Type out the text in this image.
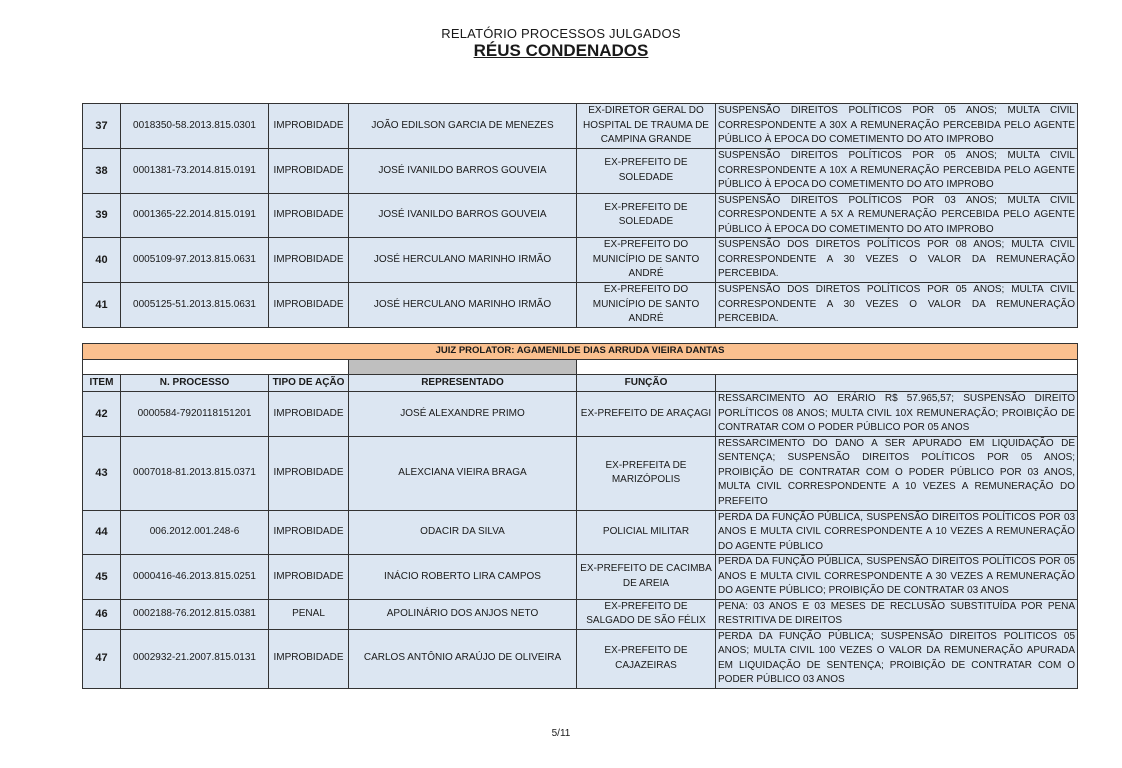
RELATÓRIO PROCESSOS JULGADOS
RÉUS CONDENADOS
37	0018350-58.2013.815.0301	IMPROBIDADE	JOÃO EDILSON GARCIA DE MENEZES	EX-DIRETOR GERAL DO HOSPITAL DE TRAUMA DE CAMPINA GRANDE	SUSPENSÃO DIREITOS POLÍTICOS POR 05 ANOS; MULTA CIVIL CORRESPONDENTE A 30X A REMUNERAÇÃO PERCEBIDA PELO AGENTE PÚBLICO À EPOCA DO COMETIMENTO DO ATO IMPROBO
38	0001381-73.2014.815.0191	IMPROBIDADE	JOSÉ IVANILDO BARROS GOUVEIA	EX-PREFEITO DE SOLEDADE	SUSPENSÃO DIREITOS POLÍTICOS POR 05 ANOS; MULTA CIVIL CORRESPONDENTE A 10X A REMUNERAÇÃO PERCEBIDA PELO AGENTE PÚBLICO À EPOCA DO COMETIMENTO DO ATO IMPROBO
39	0001365-22.2014.815.0191	IMPROBIDADE	JOSÉ IVANILDO BARROS GOUVEIA	EX-PREFEITO DE SOLEDADE	SUSPENSÃO DIREITOS POLÍTICOS POR 03 ANOS; MULTA CIVIL CORRESPONDENTE A 5X A REMUNERAÇÃO PERCEBIDA PELO AGENTE PÚBLICO À EPOCA DO COMETIMENTO DO ATO IMPROBO
40	0005109-97.2013.815.0631	IMPROBIDADE	JOSÉ HERCULANO MARINHO IRMÃO	EX-PREFEITO DO MUNICÍPIO DE SANTO ANDRÉ	SUSPENSÃO DOS DIRETOS POLÍTICOS POR 08 ANOS; MULTA CIVIL CORRESPONDENTE A 30 VEZES O VALOR DA REMUNERAÇÃO PERCEBIDA.
41	0005125-51.2013.815.0631	IMPROBIDADE	JOSÉ HERCULANO MARINHO IRMÃO	EX-PREFEITO DO MUNICÍPIO DE SANTO ANDRÉ	SUSPENSÃO DOS DIRETOS POLÍTICOS POR 05 ANOS; MULTA CIVIL CORRESPONDENTE A 30 VEZES O VALOR DA REMUNERAÇÃO PERCEBIDA.
JUIZ PROLATOR: AGAMENILDE DIAS ARRUDA VIEIRA DANTAS					

ITEM	N. PROCESSO	TIPO DE AÇÃO	REPRESENTADO	FUNÇÃO	
42	0000584-7920118151201	IMPROBIDADE	JOSÉ ALEXANDRE PRIMO	EX-PREFEITO DE ARAÇAGI	RESSARCIMENTO AO ERÁRIO R$ 57.965,57; SUSPENSÃO DIREITO PORLÍTICOS 08 ANOS; MULTA CIVIL 10X REMUNERAÇÃO; PROIBIÇÃO DE CONTRATAR COM O PODER PÚBLICO POR 05 ANOS
43	0007018-81.2013.815.0371	IMPROBIDADE	ALEXCIANA VIEIRA BRAGA	EX-PREFEITA DE MARIZÓPOLIS	RESSARCIMENTO DO DANO A SER APURADO EM LIQUIDAÇÃO DE SENTENÇA; SUSPENSÃO DIREITOS POLÍTICOS POR 05 ANOS; PROIBIÇÃO DE CONTRATAR COM O PODER PÚBLICO POR 03 ANOS, MULTA CIVIL CORRESPONDENTE A 10 VEZES A REMUNERAÇÃO DO PREFEITO
44	006.2012.001.248-6	IMPROBIDADE	ODACIR DA SILVA	POLICIAL MILITAR	PERDA DA FUNÇÃO PÚBLICA, SUSPENSÃO DIREITOS POLÍTICOS POR 03 ANOS E MULTA CIVIL CORRESPONDENTE A 10 VEZES A REMUNERAÇÃO DO AGENTE PÚBLICO
45	0000416-46.2013.815.0251	IMPROBIDADE	INÁCIO ROBERTO LIRA CAMPOS	EX-PREFEITO DE CACIMBA DE AREIA	PERDA DA FUNÇÃO PÚBLICA, SUSPENSÃO DIREITOS POLÍTICOS POR 05 ANOS E MULTA CIVIL CORRESPONDENTE A 30 VEZES A REMUNERAÇÃO DO AGENTE PÚBLICO; PROIBIÇÃO DE CONTRATAR 03 ANOS
46	0002188-76.2012.815.0381	PENAL	APOLINÁRIO DOS ANJOS NETO	EX-PREFEITO DE SALGADO DE SÃO FÉLIX	PENA: 03 ANOS E 03 MESES DE RECLUSÃO SUBSTITUÍDA POR PENA RESTRITIVA DE DIREITOS
47	0002932-21.2007.815.0131	IMPROBIDADE	CARLOS ANTÔNIO ARAÚJO DE OLIVEIRA	EX-PREFEITO DE CAJAZEIRAS	PERDA DA FUNÇÃO PÚBLICA; SUSPENSÃO DIREITOS POLITICOS 05 ANOS; MULTA CIVIL 100 VEZES O VALOR DA REMUNERAÇÃO APURADA EM LIQUIDAÇÃO DE SENTENÇA; PROIBIÇÃO DE CONTRATAR COM O PODER PÚBLICO 03 ANOS
5/11
